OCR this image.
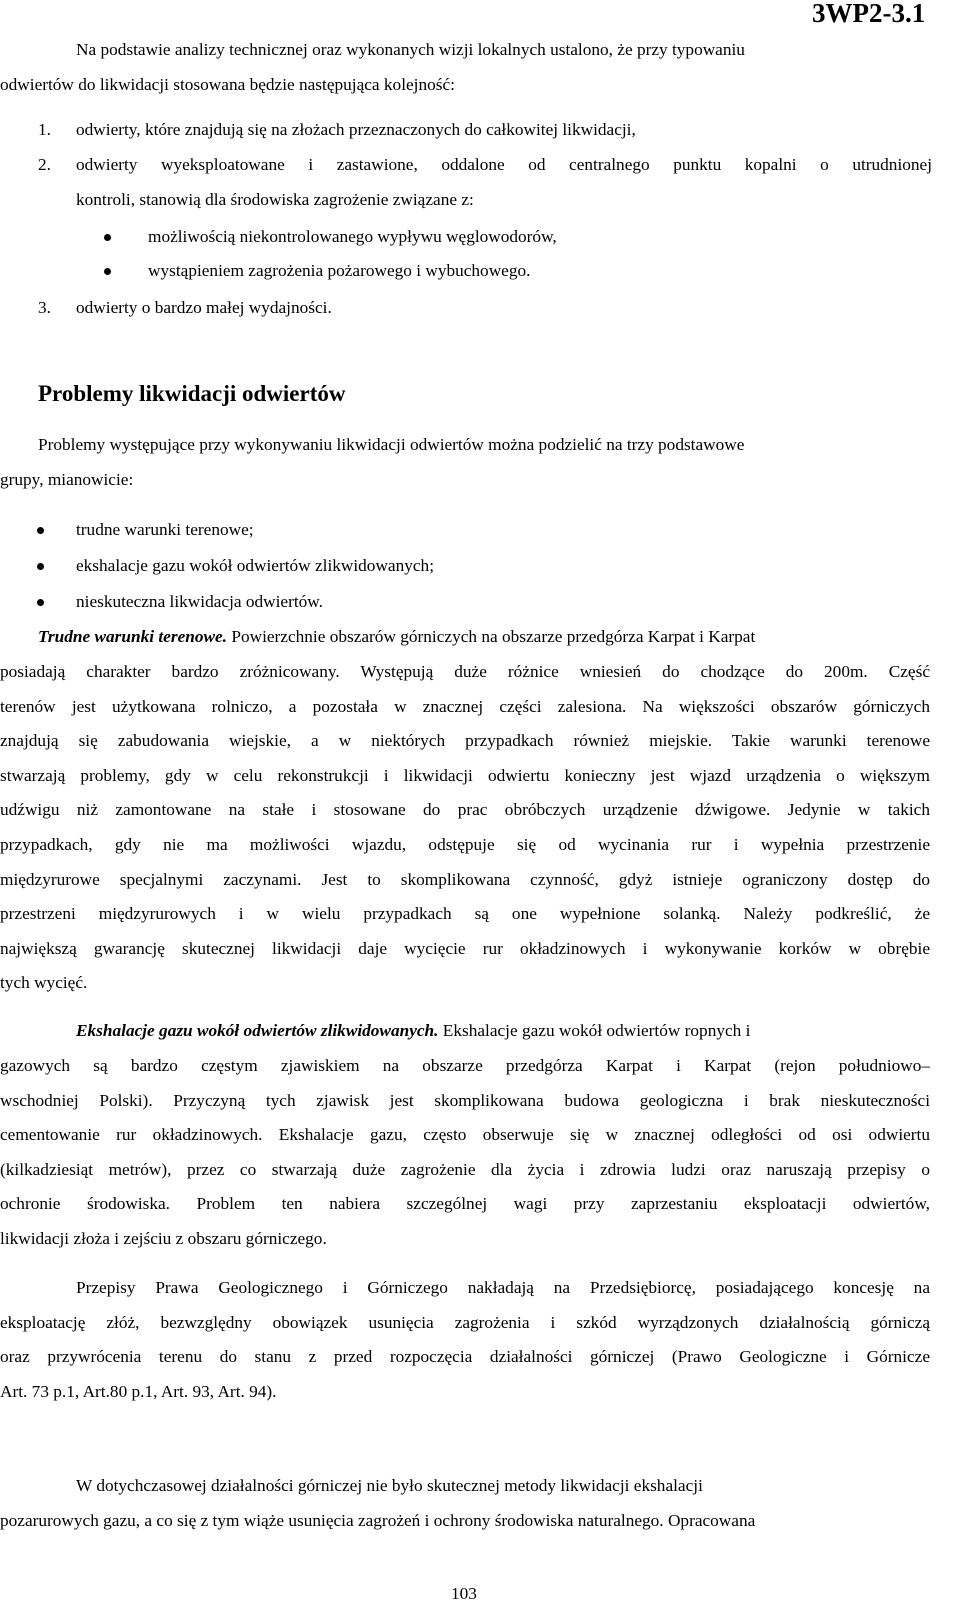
3WP2-3.1
Na podstawie analizy technicznej oraz wykonanych wizji lokalnych ustalono, że przy typowaniu
odwiertów do likwidacji stosowana będzie następująca kolejność:
1. odwierty, które znajdują się na złożach przeznaczonych do całkowitej likwidacji,
2. odwierty wyeksploatowane i zastawione, oddalone od centralnego punktu kopalni o utrudnionej
kontroli, stanowią dla środowiska zagrożenie związane z:
możliwością niekontrolowanego wypływu węglowodorów,
wystąpieniem zagrożenia pożarowego i wybuchowego.
3. odwierty o bardzo małej wydajności.
Problemy likwidacji odwiertów
Problemy występujące przy wykonywaniu likwidacji odwiertów można podzielić na trzy podstawowe
grupy, mianowicie:
trudne warunki terenowe;
ekshalacje gazu wokół odwiertów zlikwidowanych;
nieskuteczna likwidacja odwiertów.
Trudne warunki terenowe. Powierzchnie obszarów górniczych na obszarze przedgórza Karpat i Karpat
posiadają charakter bardzo zróżnicowany. Występują duże różnice wniesień do chodzące do 200m. Część
terenów jest użytkowana rolniczo, a pozostała w znacznej części zalesiona. Na większości obszarów górniczych
znajdują się zabudowania wiejskie, a w niektórych przypadkach również miejskie. Takie warunki terenowe
stwarzają problemy, gdy w celu rekonstrukcji i likwidacji odwiertu konieczny jest wjazd urządzenia o większym
udźwigu niż zamontowane na stałe i stosowane do prac obróbczych urządzenie dźwigowe. Jedynie w takich
przypadkach, gdy nie ma możliwości wjazdu, odstępuje się od wycinania rur i wypełnia przestrzenie
międzyrurowe specjalnymi zaczynami. Jest to skomplikowana czynność, gdyż istnieje ograniczony dostęp do
przestrzeni międzyrurowych i w wielu przypadkach są one wypełnione solanką. Należy podkreślić, że
największą gwarancję skutecznej likwidacji daje wycięcie rur okładzinowych i wykonywanie korków w obrębie
tych wycięć.
Ekshalacje gazu wokół odwiertów zlikwidowanych. Ekshalacje gazu wokół odwiertów ropnych i
gazowych są bardzo częstym zjawiskiem na obszarze przedgórza Karpat i Karpat (rejon południowo–
wschodniej Polski). Przyczyną tych zjawisk jest skomplikowana budowa geologiczna i brak nieskuteczności
cementowanie rur okładzinowych. Ekshalacje gazu, często obserwuje się w znacznej odległości od osi odwiertu
(kilkadziesiąt metrów), przez co stwarzają duże zagrożenie dla życia i zdrowia ludzi oraz naruszają przepisy o
ochronie środowiska. Problem ten nabiera szczególnej wagi przy zaprzestaniu eksploatacji odwiertów,
likwidacji złoża i zejściu z obszaru górniczego.
Przepisy Prawa Geologicznego i Górniczego nakładają na Przedsiębiorcę, posiadającego koncesję na
eksploatację złóż, bezwzględny obowiązek usunięcia zagrożenia i szkód wyrządzonych działalnością górniczą
oraz przywrócenia terenu do stanu z przed rozpoczęcia działalności górniczej (Prawo Geologiczne i Górnicze
Art. 73 p.1, Art.80 p.1, Art. 93, Art. 94).
W dotychczasowej działalności górniczej nie było skutecznej metody likwidacji ekshalacji
pozarurowych gazu, a co się z tym wiąże usunięcia zagrożeń i ochrony środowiska naturalnego. Opracowana
103
